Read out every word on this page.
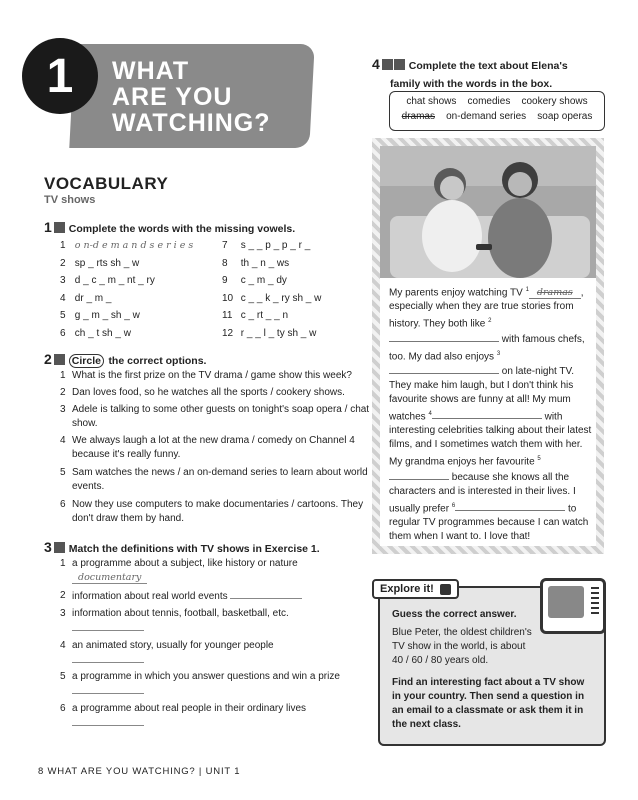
1	WHAT
ARE YOU
WATCHING?
VOCABULARY
TV shows
1 Complete the words with the missing vowels.
1 o n-d e m a n d s e r i e s
2 sp _ rts sh _ w
3 d _ c _ m _ nt _ ry
4 dr _ m _
5 g _ m _ sh _ w
6 ch _ t sh _ w
7 s _ _ p _ p _ r _
8 th _ n _ ws
9 c _ m _ dy
10 c _ _ k _ ry sh _ w
11 c _ rt _ _ n
12 r _ _ l _ ty sh _ w
2 Circle the correct options.
1 What is the first prize on the TV drama / game show this week?
2 Dan loves food, so he watches all the sports / cookery shows.
3 Adele is talking to some other guests on tonight's soap opera / chat show.
4 We always laugh a lot at the new drama / comedy on Channel 4 because it's really funny.
5 Sam watches the news / an on-demand series to learn about world events.
6 Now they use computers to make documentaries / cartoons. They don't draw them by hand.
3 Match the definitions with TV shows in Exercise 1.
1 a programme about a subject, like history or nature
documentary
2 information about real world events
3 information about tennis, football, basketball, etc.

4 an animated story, usually for younger people

5 a programme in which you answer questions and win a prize

6 a programme about real people in their ordinary lives

4	Complete the text about Elena's
family with the words in the box.
chat shows comedies cookery shows
dramas on-demand series soap operas
My parents enjoy watching TV $^1$ dramas , especially when they are true stories from history. They both like $^2$ with famous chefs, too. My dad also enjoys $^3$ on late-night TV. They make him laugh, but I don't think his favourite shows are funny at all! My mum watches $^4$	with interesting celebrities talking about their latest films, and I sometimes watch them with her. My grandma enjoys her favourite $^5$ because she knows all the characters and is interested in their lives. I usually prefer $^6$	to regular TV programmes because I can watch them when I want to. I love that!
Explore it!
Guess the correct answer.
Blue Peter, the oldest children's TV show in the world, is about 40 / 60 / 80 years old.
Find an interesting fact about a TV show in your country. Then send a question in an email to a classmate or ask them it in the next class.
8 WHAT ARE YOU WATCHING? | UNIT 1
